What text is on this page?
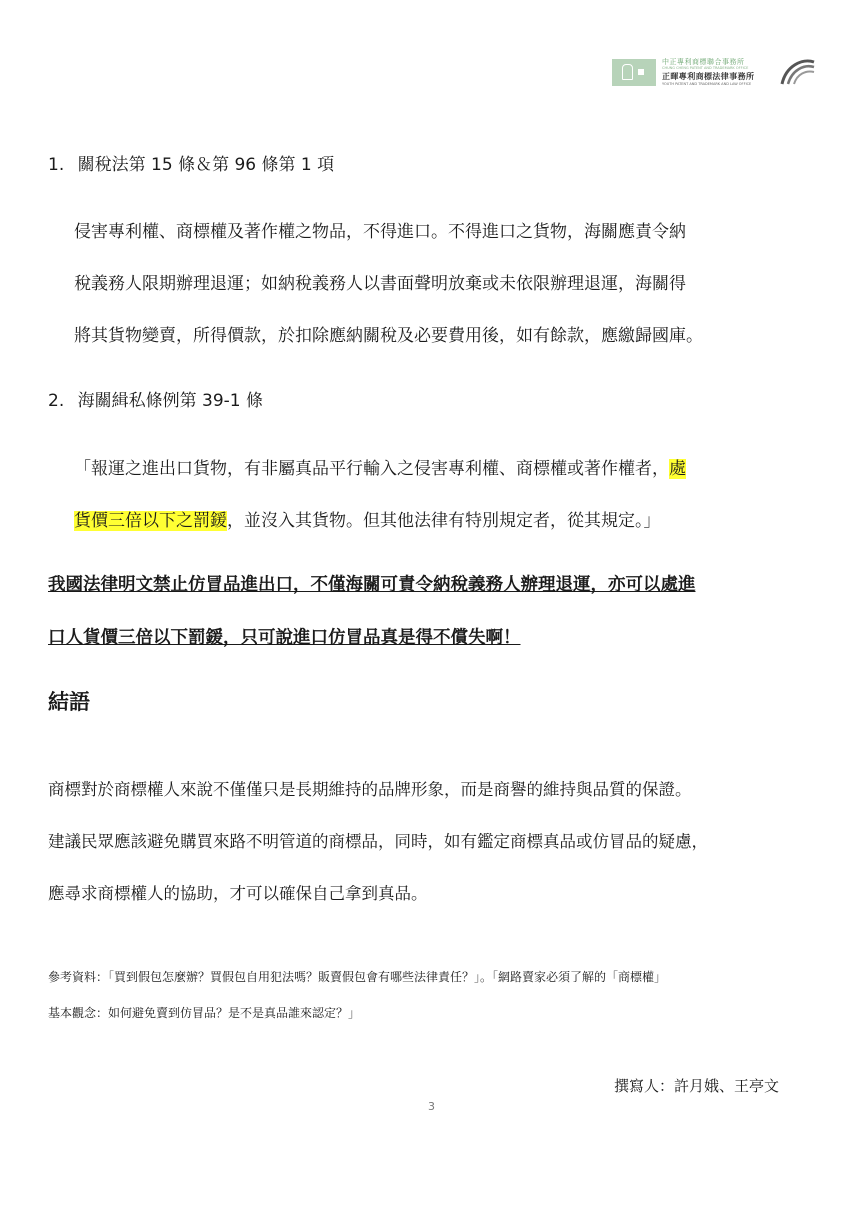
中正專利商標聯合事務所
CHUNG CHENG PATENT AND TRADEMARK OFFICE
正暉專利商標法律事務所
YOUTH PATENT AND TRADEMARK AND LAW OFFICE
1. 關稅法第 15 條＆第 96 條第 1 項
侵害專利權、商標權及著作權之物品，不得進口。不得進口之貨物，海關應責令納
稅義務人限期辦理退運；如納稅義務人以書面聲明放棄或未依限辦理退運，海關得
將其貨物變賣，所得價款，於扣除應納關稅及必要費用後，如有餘款，應繳歸國庫。
2. 海關緝私條例第 39-1 條
「報運之進出口貨物，有非屬真品平行輸入之侵害專利權、商標權或著作權者，處
貨價三倍以下之罰鍰，並沒入其貨物。但其他法律有特別規定者，從其規定。」
我國法律明文禁止仿冒品進出口，不僅海關可責令納稅義務人辦理退運，亦可以處進
口人貨價三倍以下罰鍰，只可說進口仿冒品真是得不償失啊！
結語
商標對於商標權人來說不僅僅只是長期維持的品牌形象，而是商譽的維持與品質的保證。
建議民眾應該避免購買來路不明管道的商標品，同時，如有鑑定商標真品或仿冒品的疑慮，
應尋求商標權人的協助，才可以確保自己拿到真品。
參考資料：「買到假包怎麼辦？買假包自用犯法嗎？販賣假包會有哪些法律責任？」。「網路賣家必須了解的「商標權」
基本觀念：如何避免賣到仿冒品？是不是真品誰來認定？」
撰寫人：許月娥、王亭文
3
